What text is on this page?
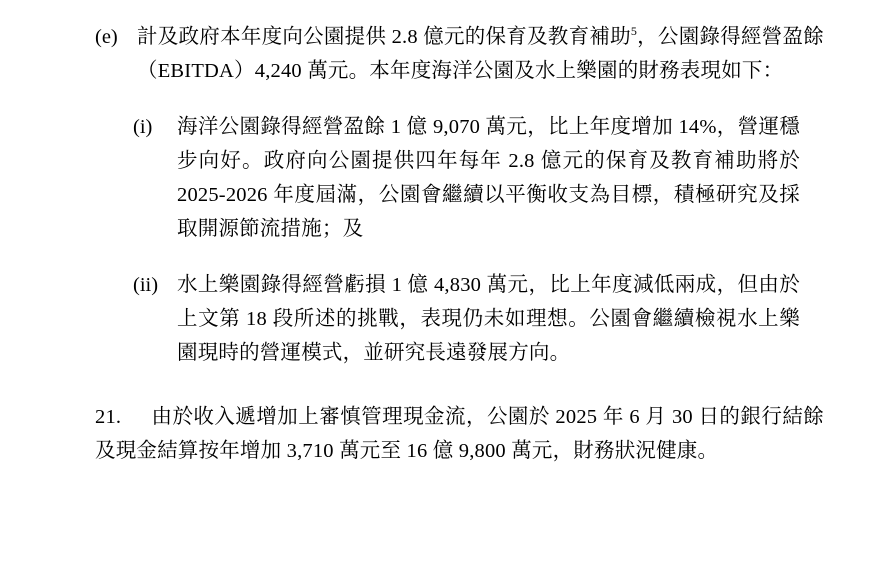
(e) 計及政府本年度向公園提供 2.8 億元的保育及教育補助$^5$，公園錄得經營盈餘（EBITDA）4,240 萬元。本年度海洋公園及水上樂園的財務表現如下：
(i)	海洋公園錄得經營盈餘 1 億 9,070 萬元，比上年度增加 14%，營運穩步向好。政府向公園提供四年每年 2.8 億元的保育及教育補助將於 2025-2026 年度屆滿，公園會繼續以平衡收支為目標，積極研究及採取開源節流措施；及
(ii) 水上樂園錄得經營虧損 1 億 4,830 萬元，比上年度減低兩成，但由於上文第 18 段所述的挑戰，表現仍未如理想。公園會繼續檢視水上樂園現時的營運模式，並研究長遠發展方向。
21. 由於收入遞增加上審慎管理現金流，公園於 2025 年 6 月 30 日的銀行結餘及現金結算按年增加 3,710 萬元至 16 億 9,800 萬元，財務狀況健康。
